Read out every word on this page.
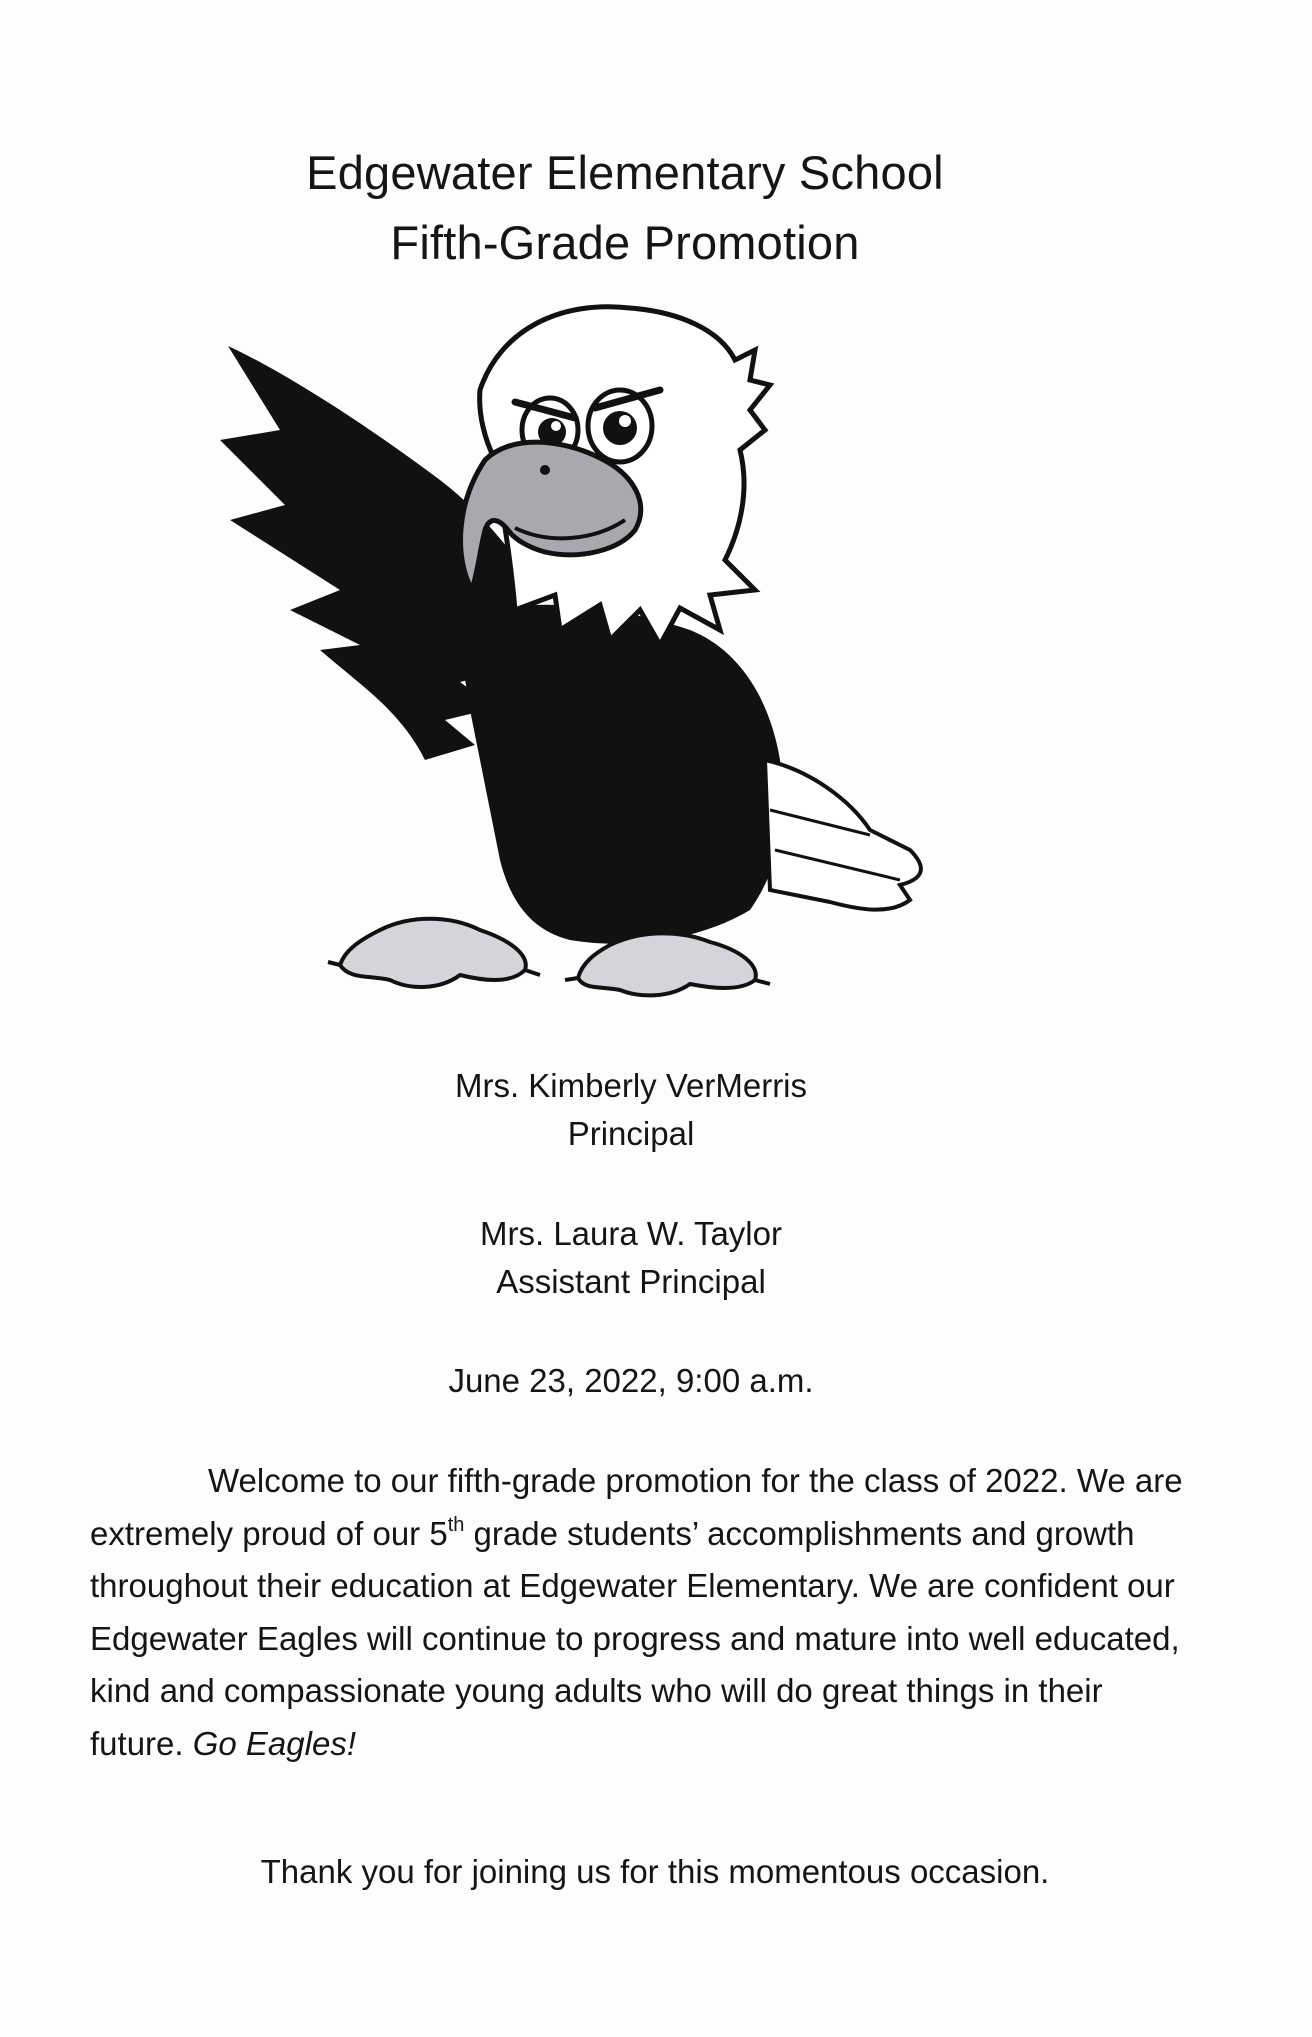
Edgewater Elementary School
Fifth-Grade Promotion
Mrs. Kimberly VerMerris
Principal
Mrs. Laura W. Taylor
Assistant Principal
June 23, 2022, 9:00 a.m.

Welcome to our fifth-grade promotion for the class of 2022. We are extremely proud of our 5th grade students’ accomplishments and growth throughout their education at Edgewater Elementary. We are confident our Edgewater Eagles will continue to progress and mature into well educated, kind and compassionate young adults who will do great things in their future. Go Eagles!

Thank you for joining us for this momentous occasion.
